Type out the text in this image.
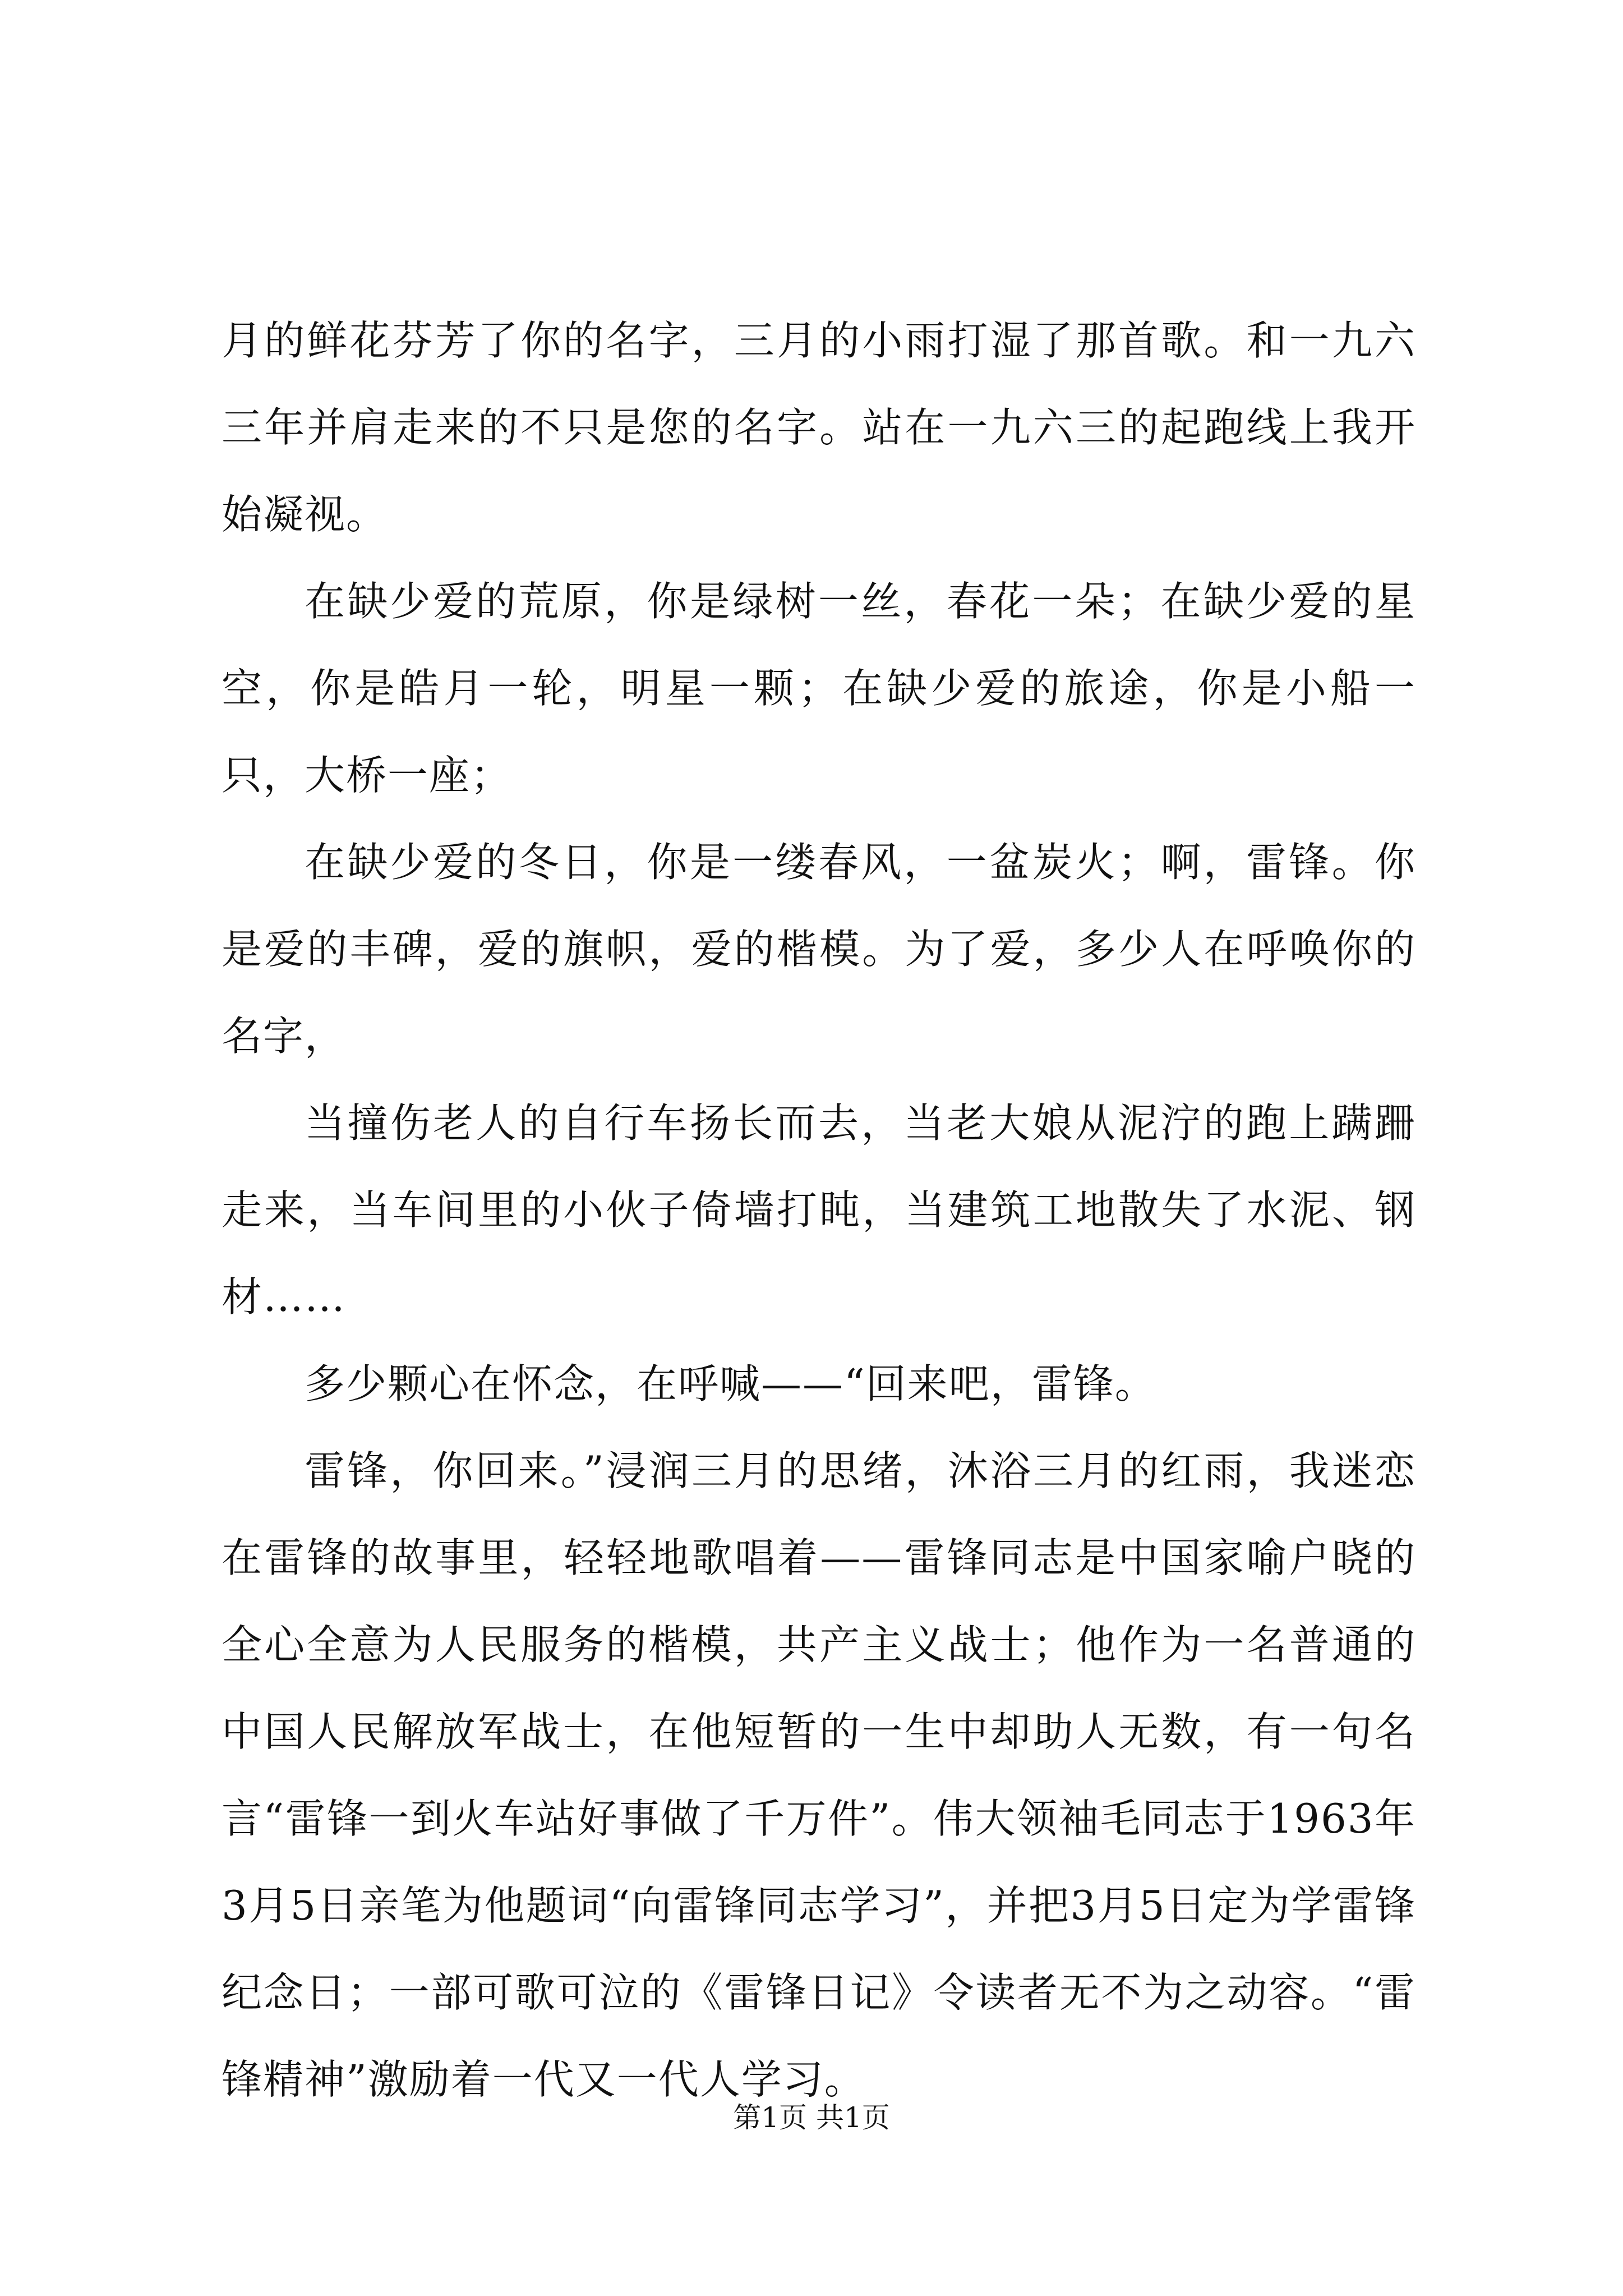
月的鲜花芬芳了你的名字，三月的小雨打湿了那首歌。和一九六三年并肩走来的不只是您的名字。站在一九六三的起跑线上我开始凝视。

在缺少爱的荒原，你是绿树一丝，春花一朵；在缺少爱的星空，你是皓月一轮，明星一颗；在缺少爱的旅途，你是小船一只，大桥一座；

在缺少爱的冬日，你是一缕春风，一盆炭火；啊，雷锋。你是爱的丰碑，爱的旗帜，爱的楷模。为了爱，多少人在呼唤你的名字，

当撞伤老人的自行车扬长而去，当老大娘从泥泞的跑上蹒跚走来，当车间里的小伙子倚墙打盹，当建筑工地散失了水泥、钢材……

多少颗心在怀念，在呼喊——“回来吧，雷锋。

雷锋，你回来。”浸润三月的思绪，沐浴三月的红雨，我迷恋在雷锋的故事里，轻轻地歌唱着——雷锋同志是中国家喻户晓的全心全意为人民服务的楷模，共产主义战士；他作为一名普通的中国人民解放军战士，在他短暂的一生中却助人无数，有一句名言“雷锋一到火车站好事做了千万件”。伟大领袖毛同志于1963年3月5日亲笔为他题词“向雷锋同志学习”，并把3月5日定为学雷锋纪念日；一部可歌可泣的《雷锋日记》令读者无不为之动容。“雷锋精神”激励着一代又一代人学习。

第1页 共1页
